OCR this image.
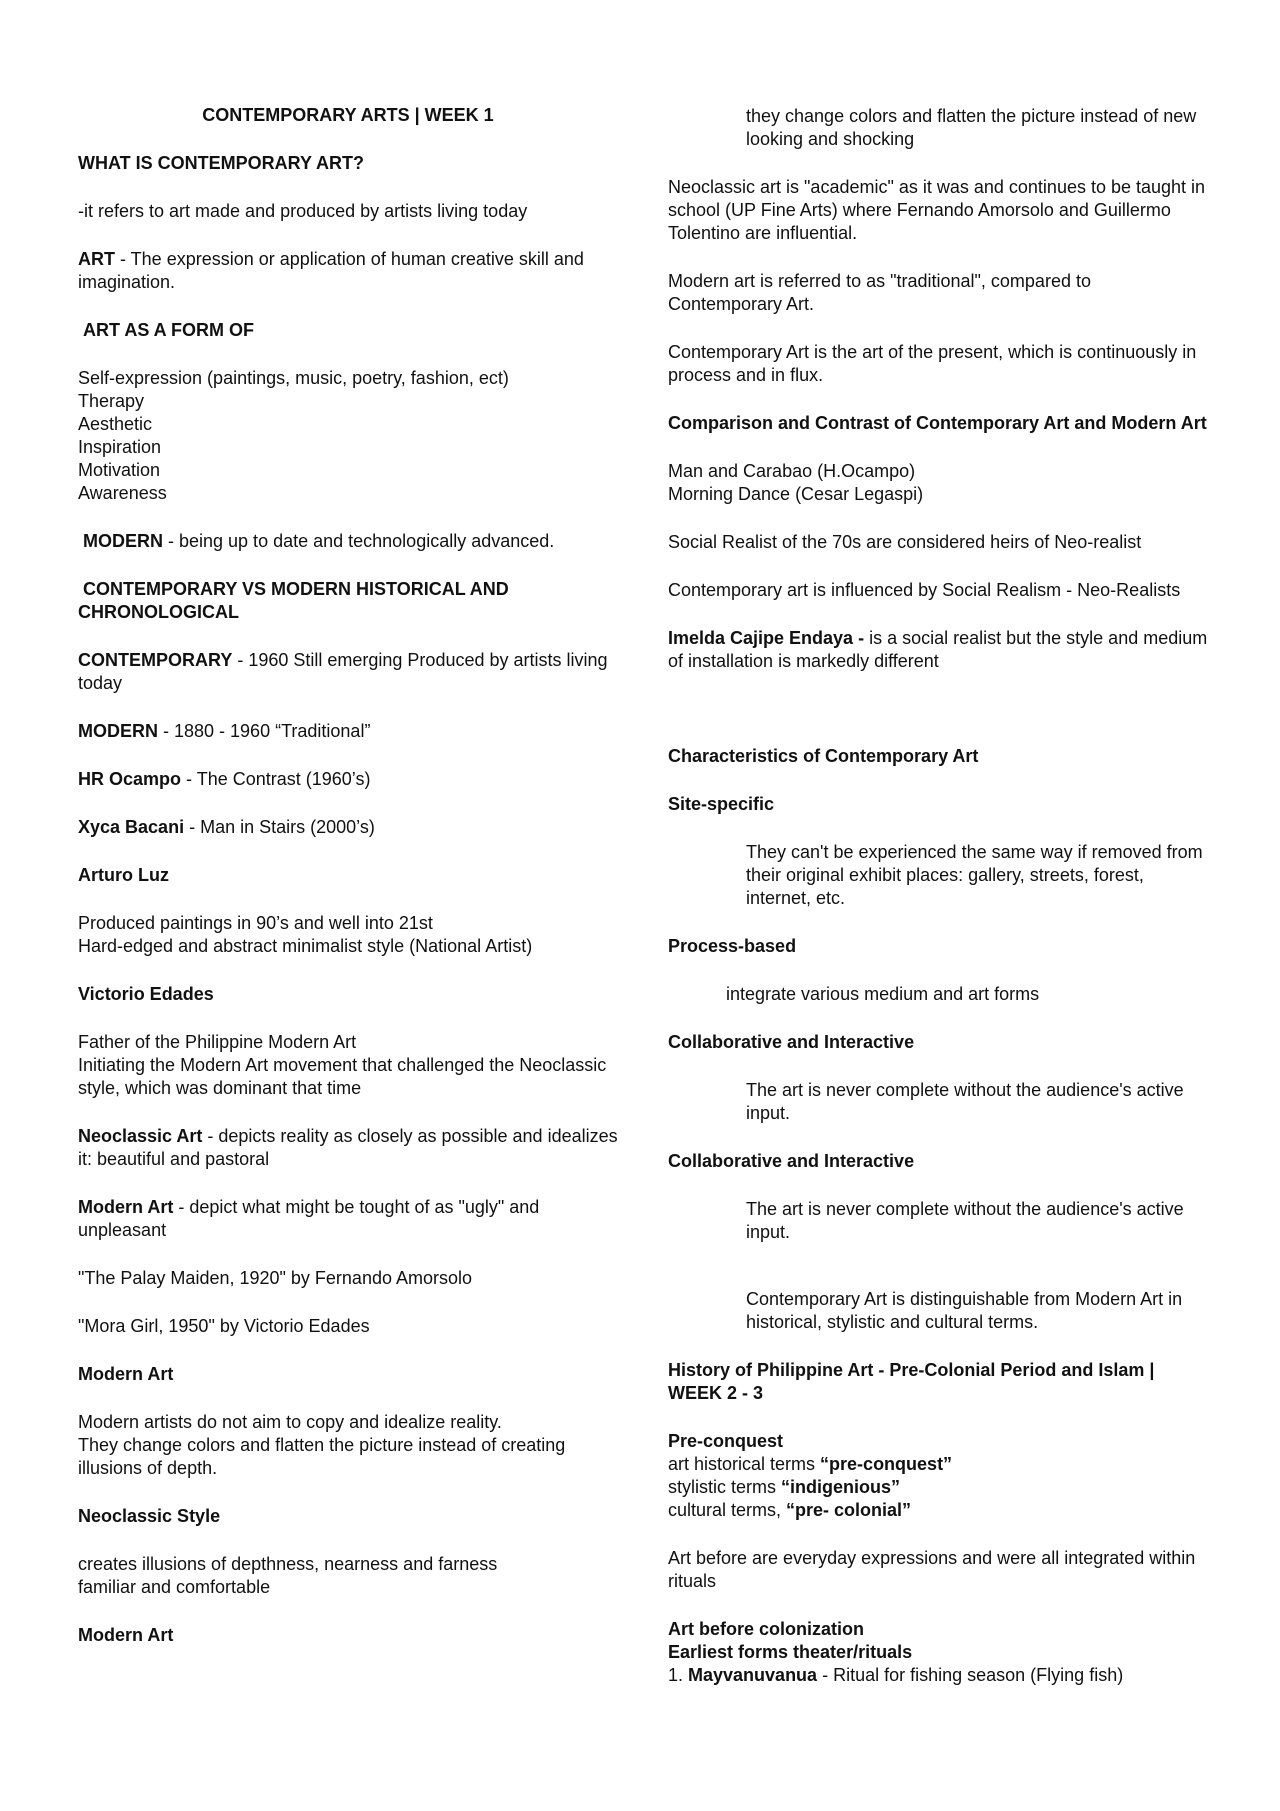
CONTEMPORARY ARTS | WEEK 1

WHAT IS CONTEMPORARY ART?

-it refers to art made and produced by artists living today

ART - The expression or application of human creative skill and imagination.

ART AS A FORM OF

Self-expression (paintings, music, poetry, fashion, ect)
Therapy
Aesthetic
Inspiration
Motivation
Awareness

MODERN - being up to date and technologically advanced.

CONTEMPORARY VS MODERN HISTORICAL AND CHRONOLOGICAL

CONTEMPORARY - 1960 Still emerging Produced by artists living today

MODERN - 1880 - 1960 “Traditional”

HR Ocampo - The Contrast (1960’s)

Xyca Bacani - Man in Stairs (2000’s)

Arturo Luz

Produced paintings in 90’s and well into 21st
Hard-edged and abstract minimalist style (National Artist)

Victorio Edades

Father of the Philippine Modern Art
Initiating the Modern Art movement that challenged the Neoclassic style, which was dominant that time

Neoclassic Art - depicts reality as closely as possible and idealizes it: beautiful and pastoral

Modern Art - depict what might be tought of as "ugly" and unpleasant

"The Palay Maiden, 1920" by Fernando Amorsolo

"Mora Girl, 1950" by Victorio Edades

Modern Art

Modern artists do not aim to copy and idealize reality.
They change colors and flatten the picture instead of creating illusions of depth.

Neoclassic Style

creates illusions of depthness, nearness and farness
familiar and comfortable

Modern Art

they change colors and flatten the picture instead of new looking and shocking

Neoclassic art is "academic" as it was and continues to be taught in school (UP Fine Arts) where Fernando Amorsolo and Guillermo Tolentino are influential.

Modern art is referred to as "traditional", compared to Contemporary Art.

Contemporary Art is the art of the present, which is continuously in process and in flux.

Comparison and Contrast of Contemporary Art and Modern Art

Man and Carabao (H.Ocampo)
Morning Dance (Cesar Legaspi)

Social Realist of the 70s are considered heirs of Neo-realist

Contemporary art is influenced by Social Realism - Neo-Realists

Imelda Cajipe Endaya - is a social realist but the style and medium of installation is markedly different

Characteristics of Contemporary Art

Site-specific

They can't be experienced the same way if removed from their original exhibit places: gallery, streets, forest, internet, etc.

Process-based

integrate various medium and art forms

Collaborative and Interactive

The art is never complete without the audience's active input.

Collaborative and Interactive

The art is never complete without the audience's active input.

Contemporary Art is distinguishable from Modern Art in historical, stylistic and cultural terms.

History of Philippine Art - Pre-Colonial Period and Islam | WEEK 2 - 3

Pre-conquest
art historical terms “pre-conquest”
stylistic terms “indigenious”
cultural terms, “pre- colonial”

Art before are everyday expressions and were all integrated within rituals

Art before colonization
Earliest forms theater/rituals
1. Mayvanuvanua - Ritual for fishing season (Flying fish)
